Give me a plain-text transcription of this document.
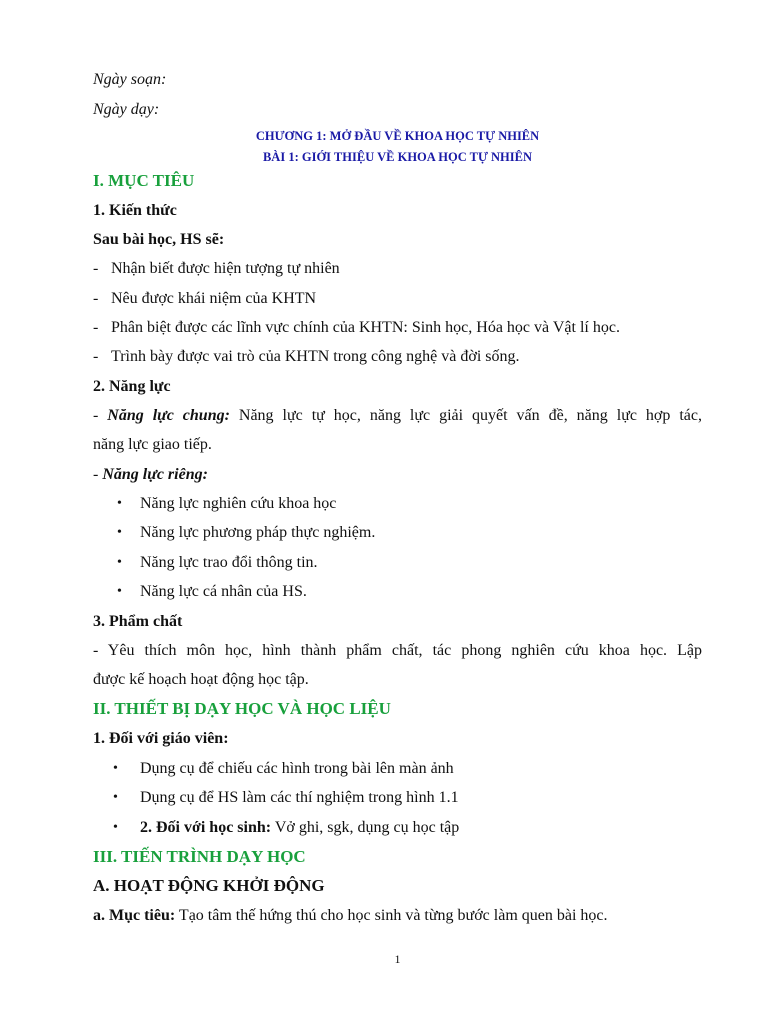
Ngày soạn:
Ngày dạy:
CHƯƠNG 1: MỞ ĐẦU VỀ KHOA HỌC TỰ NHIÊN
BÀI 1: GIỚI THIỆU VỀ KHOA HỌC TỰ NHIÊN
I. MỤC TIÊU
1. Kiến thức
Sau bài học, HS sẽ:
- Nhận biết được hiện tượng tự nhiên
- Nêu được khái niệm của KHTN
- Phân biệt được các lĩnh vực chính của KHTN: Sinh học, Hóa học và Vật lí học.
- Trình bày được vai trò của KHTN trong công nghệ và đời sống.
2. Năng lực
- Năng lực chung: Năng lực tự học, năng lực giải quyết vấn đề, năng lực hợp tác,
năng lực giao tiếp.
- Năng lực riêng:
•	Năng lực nghiên cứu khoa học
•	Năng lực phương pháp thực nghiệm.
•	Năng lực trao đổi thông tin.
•	Năng lực cá nhân của HS.
3. Phẩm chất
- Yêu thích môn học, hình thành phẩm chất, tác phong nghiên cứu khoa học. Lập
được kế hoạch hoạt động học tập.
II. THIẾT BỊ DẠY HỌC VÀ HỌC LIỆU
1. Đối với giáo viên:
•	Dụng cụ để chiếu các hình trong bài lên màn ảnh
•	Dụng cụ để HS làm các thí nghiệm trong hình 1.1
•	2. Đối với học sinh: Vở ghi, sgk, dụng cụ học tập
III. TIẾN TRÌNH DẠY HỌC
A. HOẠT ĐỘNG KHỞI ĐỘNG
a. Mục tiêu: Tạo tâm thế hứng thú cho học sinh và từng bước làm quen bài học.
1
